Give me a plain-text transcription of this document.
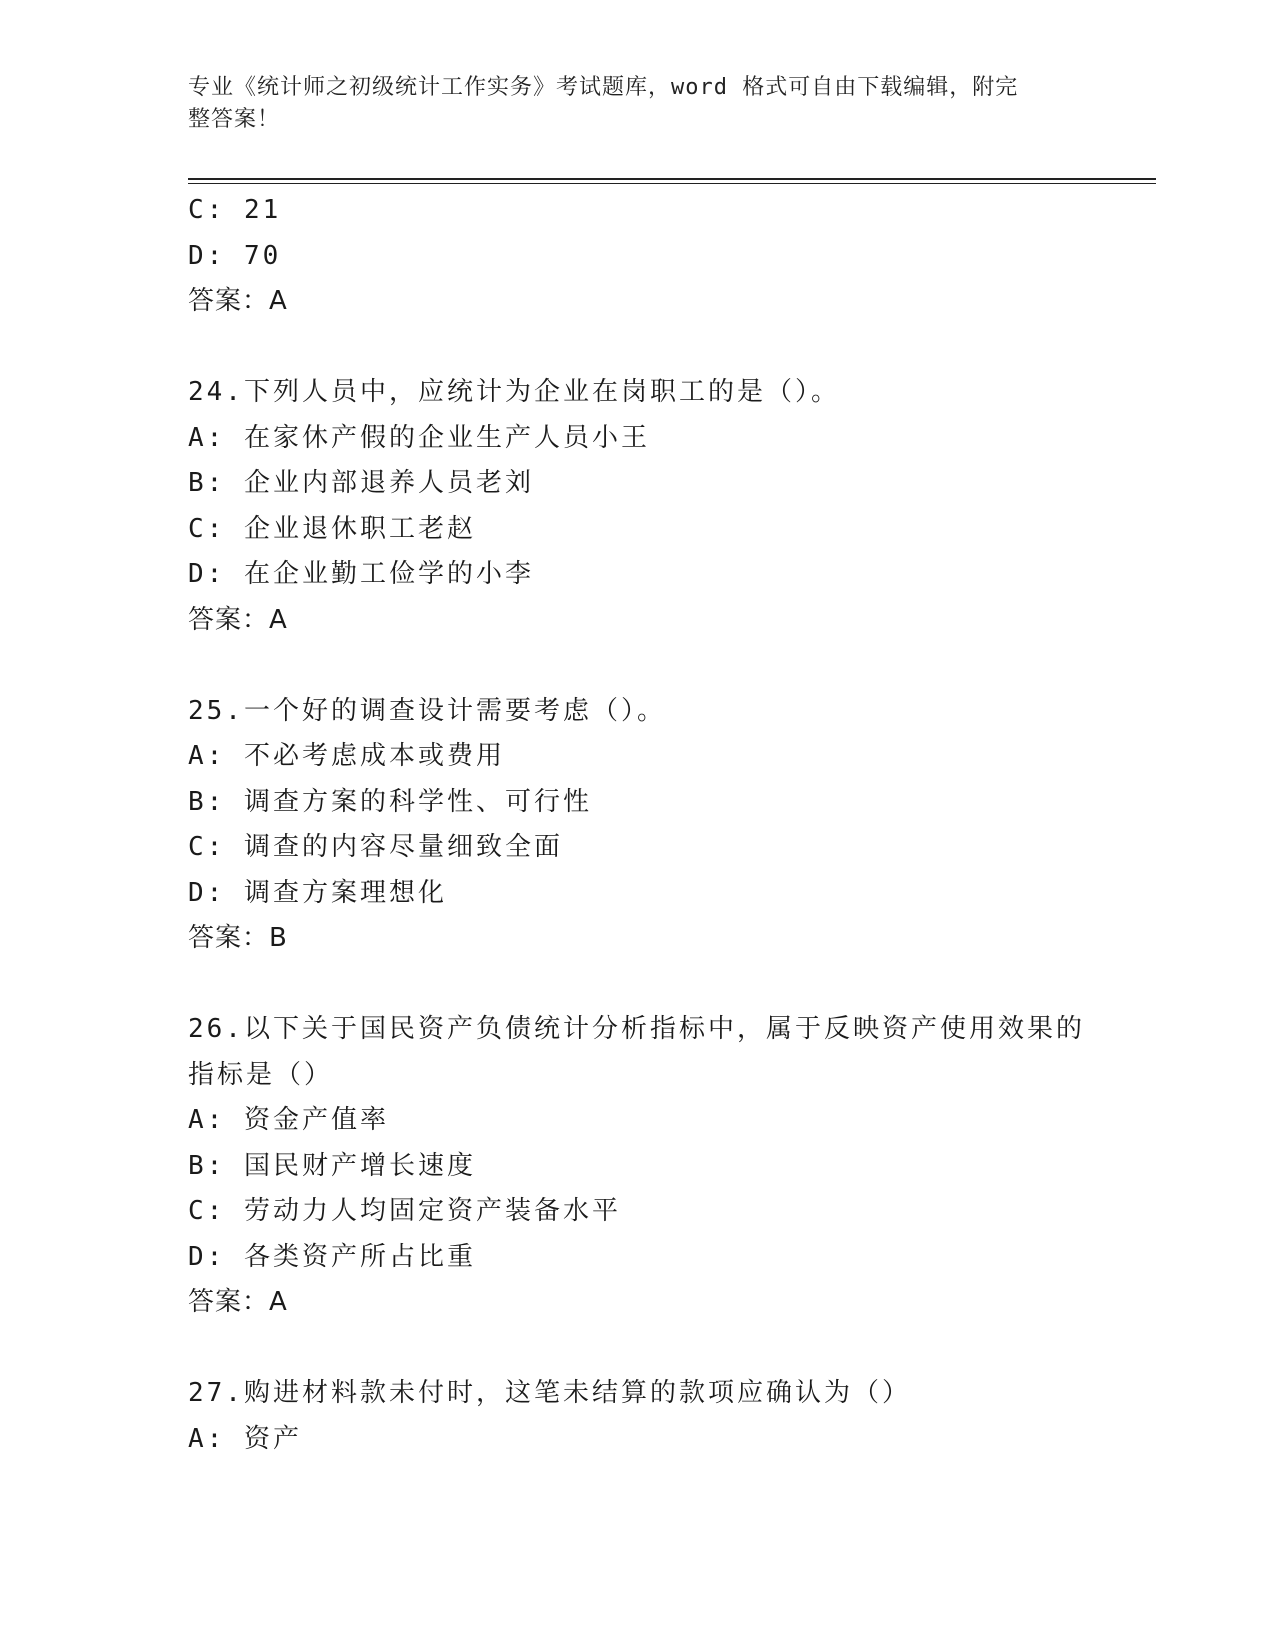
专业《统计师之初级统计工作实务》考试题库，word 格式可自由下载编辑，附完
整答案！
C: 21
D: 70
答案：A
24.下列人员中，应统计为企业在岗职工的是（）。
A: 在家休产假的企业生产人员小王
B: 企业内部退养人员老刘
C: 企业退休职工老赵
D: 在企业勤工俭学的小李
答案：A
25.一个好的调查设计需要考虑（）。
A: 不必考虑成本或费用
B: 调查方案的科学性、可行性
C: 调查的内容尽量细致全面
D: 调查方案理想化
答案：B
26.以下关于国民资产负债统计分析指标中，属于反映资产使用效果的
指标是（）
A: 资金产值率
B: 国民财产增长速度
C: 劳动力人均固定资产装备水平
D: 各类资产所占比重
答案：A
27.购进材料款未付时，这笔未结算的款项应确认为（）
A: 资产
